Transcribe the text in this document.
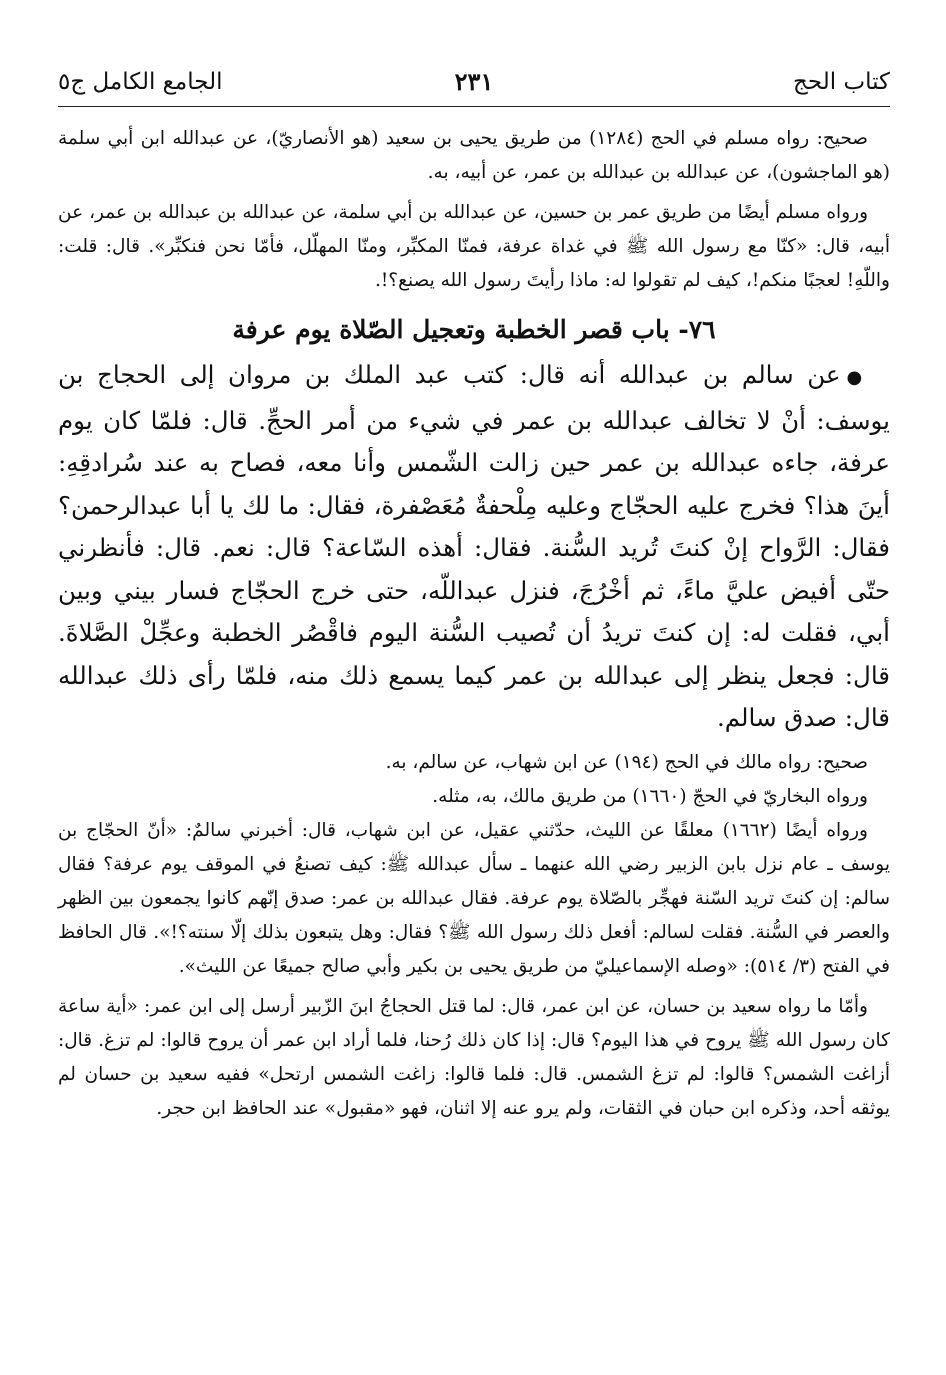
كتاب الحج
٢٣١
الجامع الكامل ج٥

صحيح: رواه مسلم في الحج (١٢٨٤) من طريق يحيى بن سعيد (هو الأنصاريّ)، عن عبدالله ابن أبي سلمة (هو الماجشون)، عن عبدالله بن عبدالله بن عمر، عن أبيه، به.

ورواه مسلم أيضًا من طريق عمر بن حسين، عن عبدالله بن أبي سلمة، عن عبدالله بن عبدالله بن عمر، عن أبيه، قال: «كنّا مع رسول الله ﷺ في غداة عرفة، فمنّا المكبِّر، ومنّا المهلّل، فأمّا نحن فنكبِّر». قال: قلت: واللّهِ! لعجبًا منكم!، كيف لم تقولوا له: ماذا رأيتَ رسول الله يصنع؟!.

٧٦- باب قصر الخطبة وتعجيل الصّلاة يوم عرفة

●عن سالم بن عبدالله أنه قال: كتب عبد الملك بن مروان إلى الحجاج بن يوسف: أنْ لا تخالف عبدالله بن عمر في شيء من أمر الحجِّ. قال: فلمّا كان يوم عرفة، جاءه عبدالله بن عمر حين زالت الشّمس وأنا معه، فصاح به عند سُرادقِهِ: أينَ هذا؟ فخرج عليه الحجّاج وعليه مِلْحفةٌ مُعَصْفرة، فقال: ما لك يا أبا عبدالرحمن؟ فقال: الرَّواح إنْ كنتَ تُريد السُّنة. فقال: أهذه السّاعة؟ قال: نعم. قال: فأنظرني حتّى أفيض عليَّ ماءً، ثم أخْرُجَ، فنزل عبداللّه، حتى خرج الحجّاج فسار بيني وبين أبي، فقلت له: إن كنتَ تريدُ أن تُصيب السُّنة اليوم فاقْصُر الخطبة وعجِّلْ الصَّلاةَ. قال: فجعل ينظر إلى عبدالله بن عمر كيما يسمع ذلك منه، فلمّا رأى ذلك عبدالله قال: صدق سالم.

صحيح: رواه مالك في الحج (١٩٤) عن ابن شهاب، عن سالم، به.

ورواه البخاريّ في الحجّ (١٦٦٠) من طريق مالك، به، مثله.

ورواه أيضًا (١٦٦٢) معلقًا عن الليث، حدّثني عقيل، عن ابن شهاب، قال: أخبرني سالمٌ: «أنّ الحجّاج بن يوسف ـ عام نزل بابن الزبير رضي الله عنهما ـ سأل عبدالله ﷺ: كيف تصنعُ في الموقف يوم عرفة؟ فقال سالم: إن كنتَ تريد السّنة فهجِّر بالصّلاة يوم عرفة. فقال عبدالله بن عمر: صدق إنّهم كانوا يجمعون بين الظهر والعصر في السُّنة. فقلت لسالم: أفعل ذلك رسول الله ﷺ؟ فقال: وهل يتبعون بذلك إلّا سنته؟!». قال الحافظ في الفتح (٣/ ٥١٤): «وصله الإسماعيليّ من طريق يحيى بن بكير وأبي صالح جميعًا عن الليث».

وأمّا ما رواه سعيد بن حسان، عن ابن عمر، قال: لما قتل الحجاجُ ابنَ الزّبير أرسل إلى ابن عمر: «أية ساعة كان رسول الله ﷺ يروح في هذا اليوم؟ قال: إذا كان ذلك رُحنا، فلما أراد ابن عمر أن يروح قالوا: لم تزغ. قال: أزاغت الشمس؟ قالوا: لم تزغ الشمس. قال: فلما قالوا: زاغت الشمس ارتحل» ففيه سعيد بن حسان لم يوثقه أحد، وذكره ابن حبان في الثقات، ولم يرو عنه إلا اثنان، فهو «مقبول» عند الحافظ ابن حجر.
